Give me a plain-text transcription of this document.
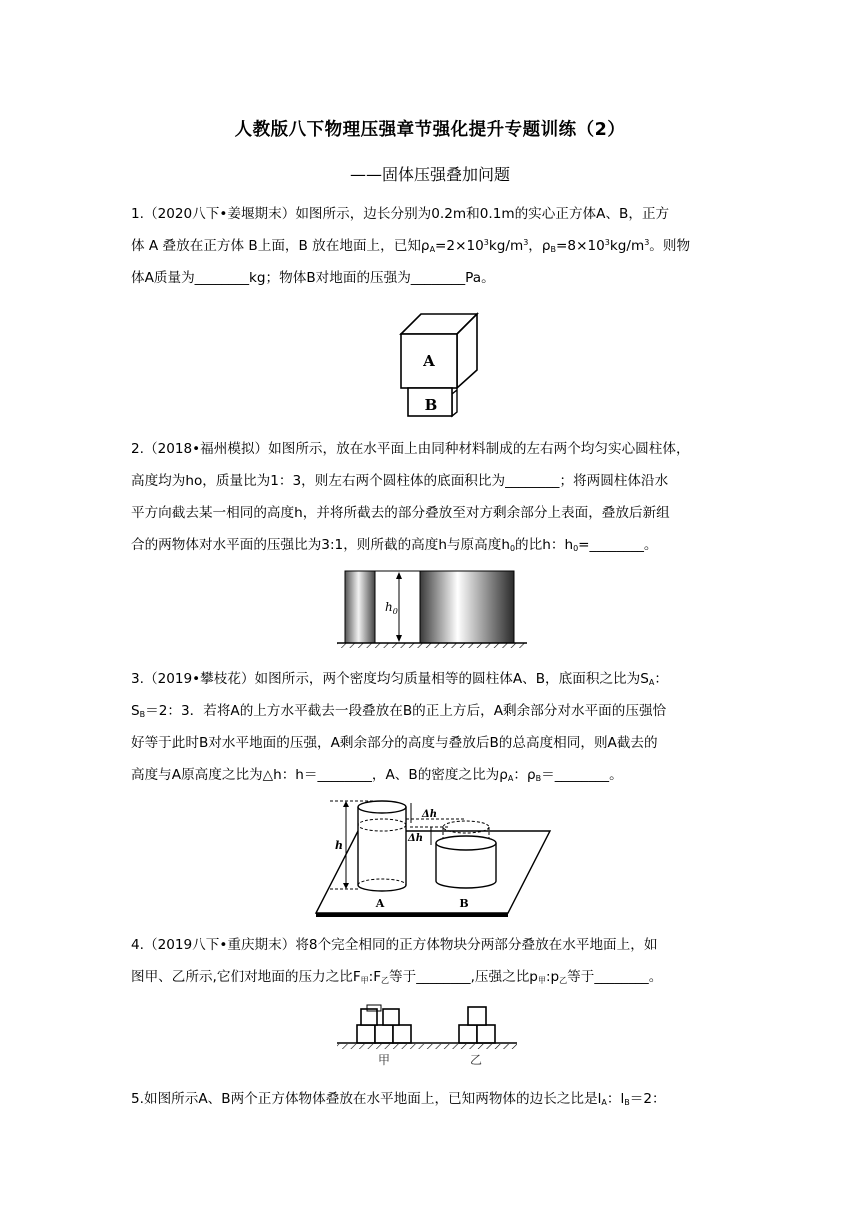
人教版八下物理压强章节强化提升专题训练（2）
——固体压强叠加问题

1.（2020八下•姜堰期末）如图所示，边长分别为0.2m和0.1m的实心正方体A、B，正方

体 A 叠放在正方体 B上面，B 放在地面上，已知$\rho_A=2\times 10^3kg/m^3$，$\rho_B=8\times 10^3kg/m^3$。则物

体A质量为________kg；物体B对地面的压强为________Pa。

A
B

2.（2018•福州模拟）如图所示，放在水平面上由同种材料制成的左右两个均匀实心圆柱体，

高度均为ho，质量比为1：3，则左右两个圆柱体的底面积比为________；将两圆柱体沿水

平方向截去某一相同的高度h，并将所截去的部分叠放至对方剩余部分上表面，叠放后新组

合的两物体对水平面的压强比为3:1，则所截的高度h与原高度$h_0$的比h：$h_0=\_\_\_\_\_\_\_\_$。

$h_0$

3.（2019•攀枝花）如图所示，两个密度均匀质量相等的圆柱体A、B，底面积之比为$S_A$：

$S_B=2$：3．若将A的上方水平截去一段叠放在B的正上方后，A剩余部分对水平面的压强恰

好等于此时B对水平地面的压强，A剩余部分的高度与叠放后B的总高度相同，则A截去的

高度与A原高度之比为△h：h＝________，A、B的密度之比为$\rho_A$：$\rho_B=\_\_\_\_\_\_\_\_$。

h
Δh
Δh
A	B

4.（2019八下•重庆期末）将8个完全相同的正方体物块分两部分叠放在水平地面上，如

图甲、乙所示,它们对地面的压力之比$F_甲:F_乙$等于________,压强之比$p_甲:p_乙$等于________。

甲	乙

5.如图所示A、B两个正方体物体叠放在水平地面上，已知两物体的边长之比是$l_A$：$l_B=2$：
